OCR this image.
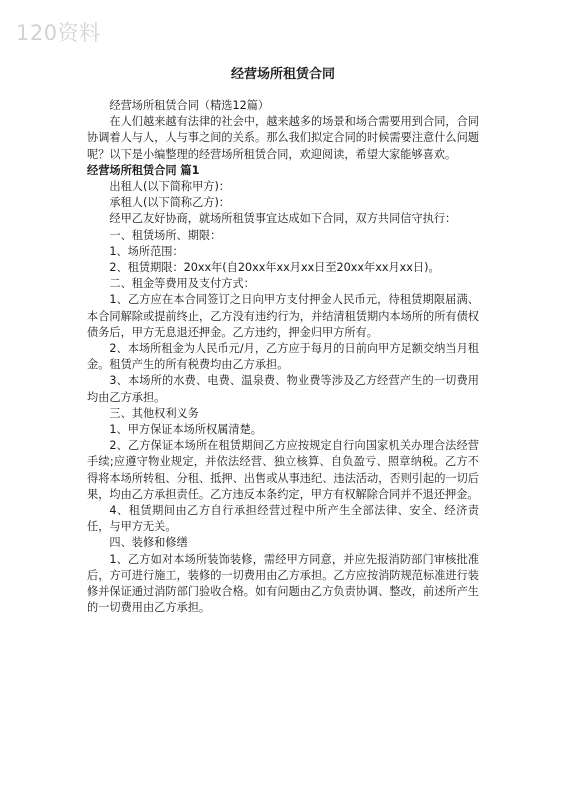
120资料
经营场所租赁合同

经营场所租赁合同（精选12篇）

在人们越来越有法律的社会中，越来越多的场景和场合需要用到合同，合同协调着人与人，人与事之间的关系。那么我们拟定合同的时候需要注意什么问题呢？以下是小编整理的经营场所租赁合同，欢迎阅读，希望大家能够喜欢。

经营场所租赁合同 篇1

出租人(以下简称甲方)：

承租人(以下简称乙方)：

经甲乙友好协商，就场所租赁事宜达成如下合同，双方共同信守执行：

一、租赁场所、期限：

1、场所范围：

2、租赁期限：20xx年(自20xx年xx月xx日至20xx年xx月xx日)。

二、租金等费用及支付方式：

1、乙方应在本合同签订之日向甲方支付押金人民币元，待租赁期限届满、本合同解除或提前终止，乙方没有违约行为，并结清租赁期内本场所的所有债权债务后，甲方无息退还押金。乙方违约，押金归甲方所有。

2、本场所租金为人民币元/月，乙方应于每月的日前向甲方足额交纳当月租金。租赁产生的所有税费均由乙方承担。

3、本场所的水费、电费、温泉费、物业费等涉及乙方经营产生的一切费用均由乙方承担。

三、其他权利义务

1、甲方保证本场所权属清楚。

2、乙方保证本场所在租赁期间乙方应按规定自行向国家机关办理合法经营手续;应遵守物业规定，并依法经营、独立核算、自负盈亏、照章纳税。乙方不得将本场所转租、分租、抵押、出售或从事违纪、违法活动，否则引起的一切后果，均由乙方承担责任。乙方违反本条约定，甲方有权解除合同并不退还押金。

4、租赁期间由乙方自行承担经营过程中所产生全部法律、安全、经济责任，与甲方无关。

四、装修和修缮

1、乙方如对本场所装饰装修，需经甲方同意，并应先报消防部门审核批准后，方可进行施工，装修的一切费用由乙方承担。乙方应按消防规范标准进行装修并保证通过消防部门验收合格。如有问题由乙方负责协调、整改，前述所产生的一切费用由乙方承担。
